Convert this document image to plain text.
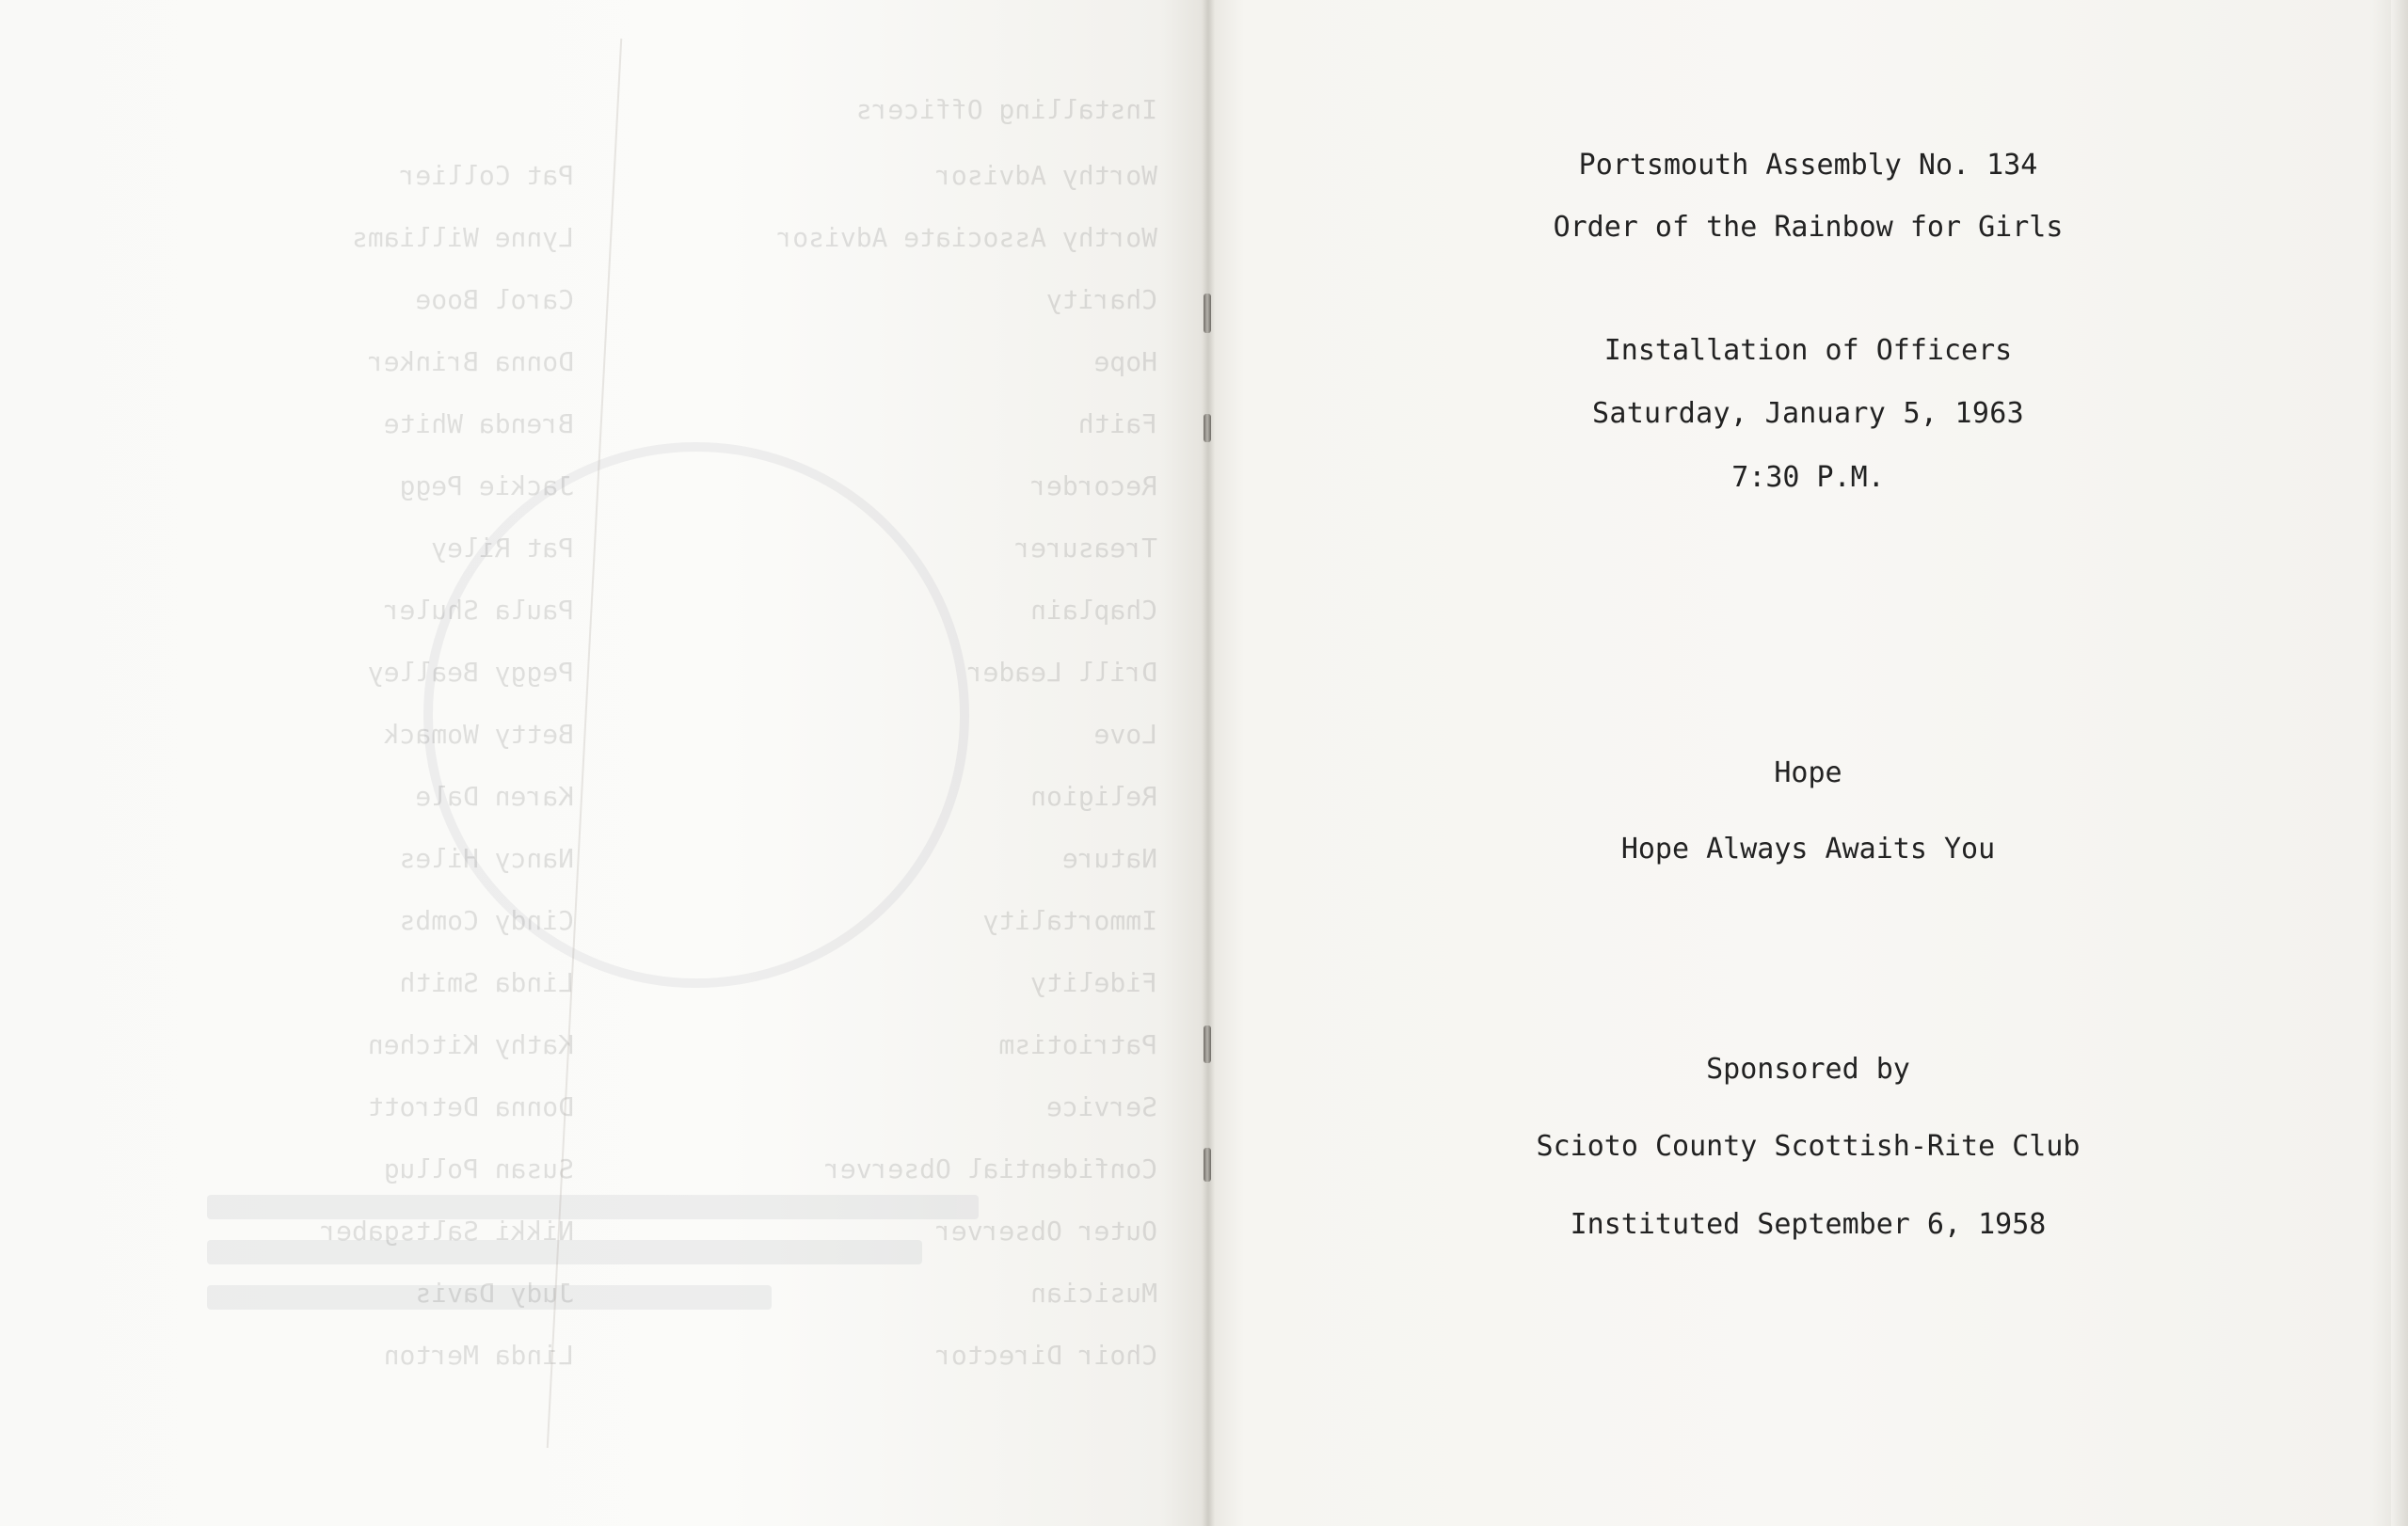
Installing Officers
Worthy Advisor
Pat Collier
Worthy Associate Advisor
Lynne Williams
Charity
Carol Booe
Hope
Donna Brinker
Faith
Brenda White
Recorder
Jackie Pegg
Treasurer
Pat Riley
Chaplain
Paula Shuler
Drill Leader
Peggy Bealley
Love
Betty Womack
Religion
Karen Dale
Nature
Nancy Hiles
Immortality
Cindy Combs
Fidelity
Linda Smith
Patriotism
Kathy Kitchen
Service
Donna Detrott
Confidential Observer
Susan Pollug
Outer Observer
Nikki Saltsgaber
Musician
Judy Davis
Choir Director
Linda Merton
Portsmouth Assembly No. 134
Order of the Rainbow for Girls
Installation of Officers
Saturday, January 5, 1963
7:30 P.M.
Hope
Hope Always Awaits You
Sponsored by
Scioto County Scottish-Rite Club
Instituted September 6, 1958
